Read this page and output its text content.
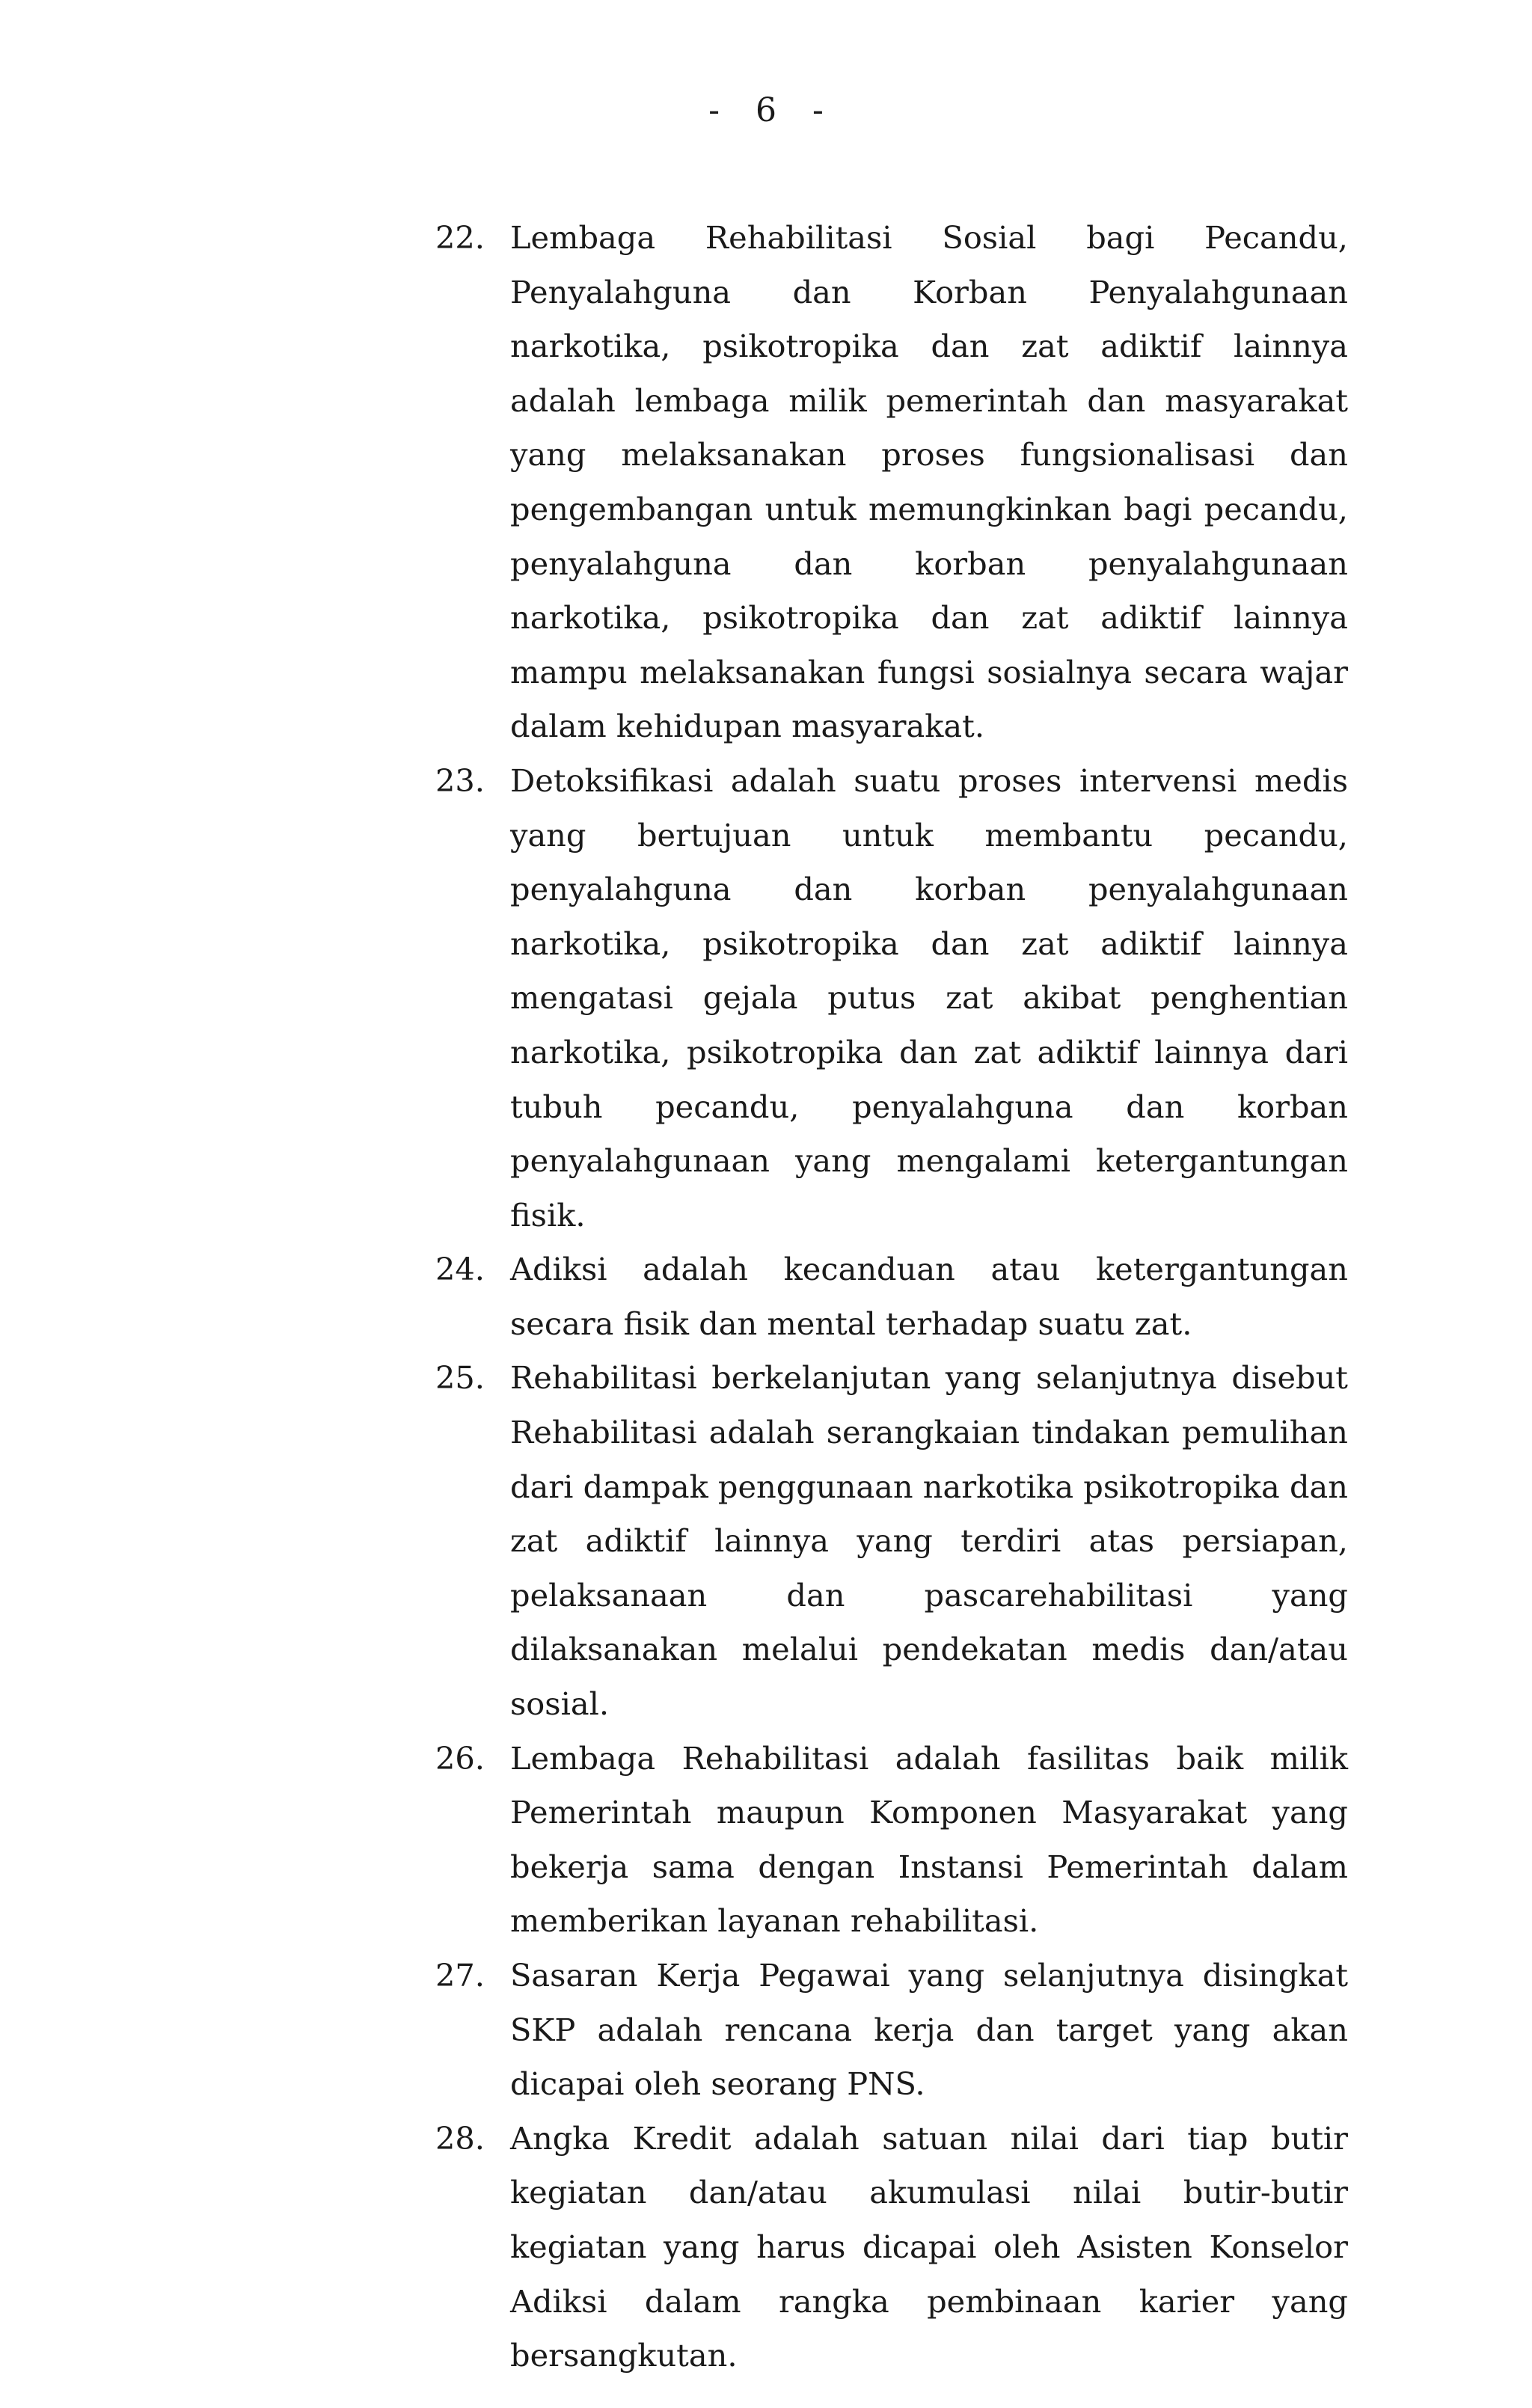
- 6 -
22. Lembaga Rehabilitasi Sosial bagi Pecandu, Penyalahguna dan Korban Penyalahgunaan narkotika, psikotropika dan zat adiktif lainnya adalah lembaga milik pemerintah dan masyarakat yang melaksanakan proses fungsionalisasi dan pengembangan untuk memungkinkan bagi pecandu, penyalahguna dan korban penyalahgunaan narkotika, psikotropika dan zat adiktif lainnya mampu melaksanakan fungsi sosialnya secara wajar dalam kehidupan masyarakat.
23. Detoksifikasi adalah suatu proses intervensi medis yang bertujuan untuk membantu pecandu, penyalahguna dan korban penyalahgunaan narkotika, psikotropika dan zat adiktif lainnya mengatasi gejala putus zat akibat penghentian narkotika, psikotropika dan zat adiktif lainnya dari tubuh pecandu, penyalahguna dan korban penyalahgunaan yang mengalami ketergantungan fisik.
24. Adiksi adalah kecanduan atau ketergantungan secara fisik dan mental terhadap suatu zat.
25. Rehabilitasi berkelanjutan yang selanjutnya disebut Rehabilitasi adalah serangkaian tindakan pemulihan dari dampak penggunaan narkotika psikotropika dan zat adiktif lainnya yang terdiri atas persiapan, pelaksanaan dan pascarehabilitasi yang dilaksanakan melalui pendekatan medis dan/atau sosial.
26. Lembaga Rehabilitasi adalah fasilitas baik milik Pemerintah maupun Komponen Masyarakat yang bekerja sama dengan Instansi Pemerintah dalam memberikan layanan rehabilitasi.
27. Sasaran Kerja Pegawai yang selanjutnya disingkat SKP adalah rencana kerja dan target yang akan dicapai oleh seorang PNS.
28. Angka Kredit adalah satuan nilai dari tiap butir kegiatan dan/atau akumulasi nilai butir-butir kegiatan yang harus dicapai oleh Asisten Konselor Adiksi dalam rangka pembinaan karier yang bersangkutan.
